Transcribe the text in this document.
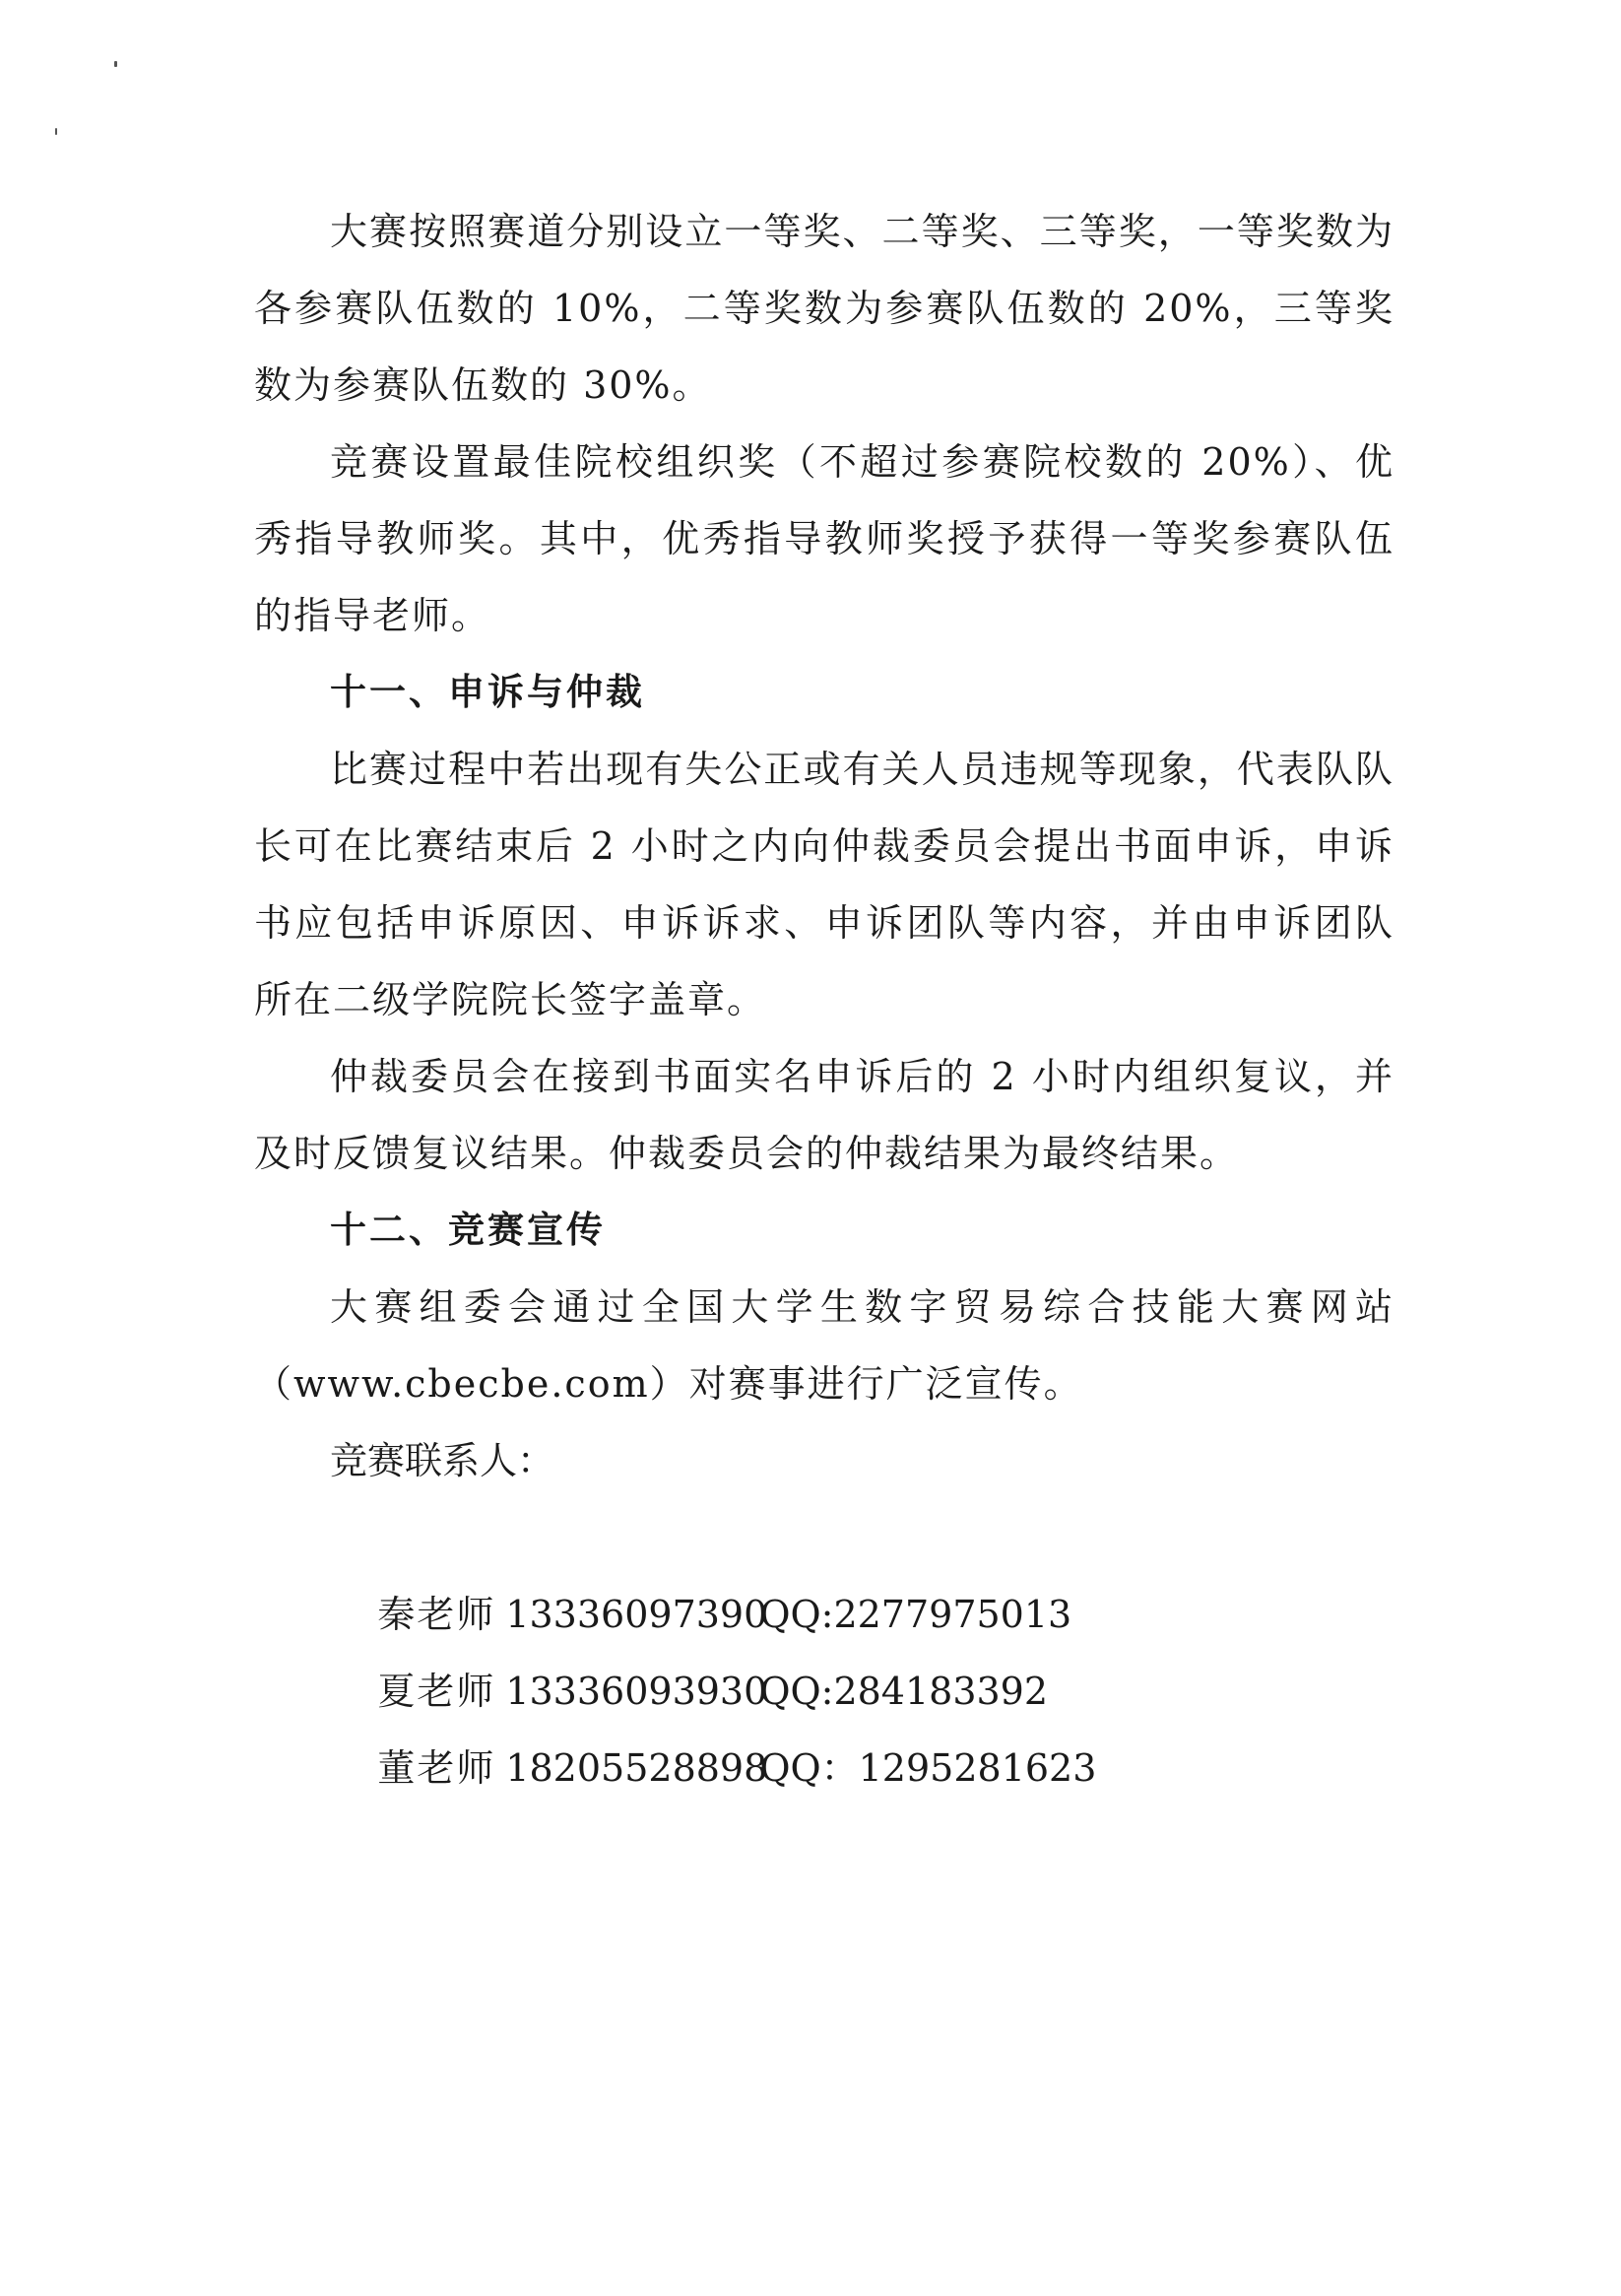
大赛按照赛道分别设立一等奖、二等奖、三等奖，一等奖数为各参赛队伍数的 10%，二等奖数为参赛队伍数的 20%，三等奖数为参赛队伍数的 30%。

竞赛设置最佳院校组织奖（不超过参赛院校数的 20%）、优秀指导教师奖。其中，优秀指导教师奖授予获得一等奖参赛队伍的指导老师。

十一、申诉与仲裁

比赛过程中若出现有失公正或有关人员违规等现象，代表队队长可在比赛结束后 2 小时之内向仲裁委员会提出书面申诉，申诉书应包括申诉原因、申诉诉求、申诉团队等内容，并由申诉团队所在二级学院院长签字盖章。

仲裁委员会在接到书面实名申诉后的 2 小时内组织复议，并及时反馈复议结果。仲裁委员会的仲裁结果为最终结果。

十二、竞赛宣传

大赛组委会通过全国大学生数字贸易综合技能大赛网站（www.cbecbe.com）对赛事进行广泛宣传。

竞赛联系人：

秦老师 13336097390QQ:2277975013

夏老师 13336093930QQ:284183392

董老师 18205528898QQ：1295281623
